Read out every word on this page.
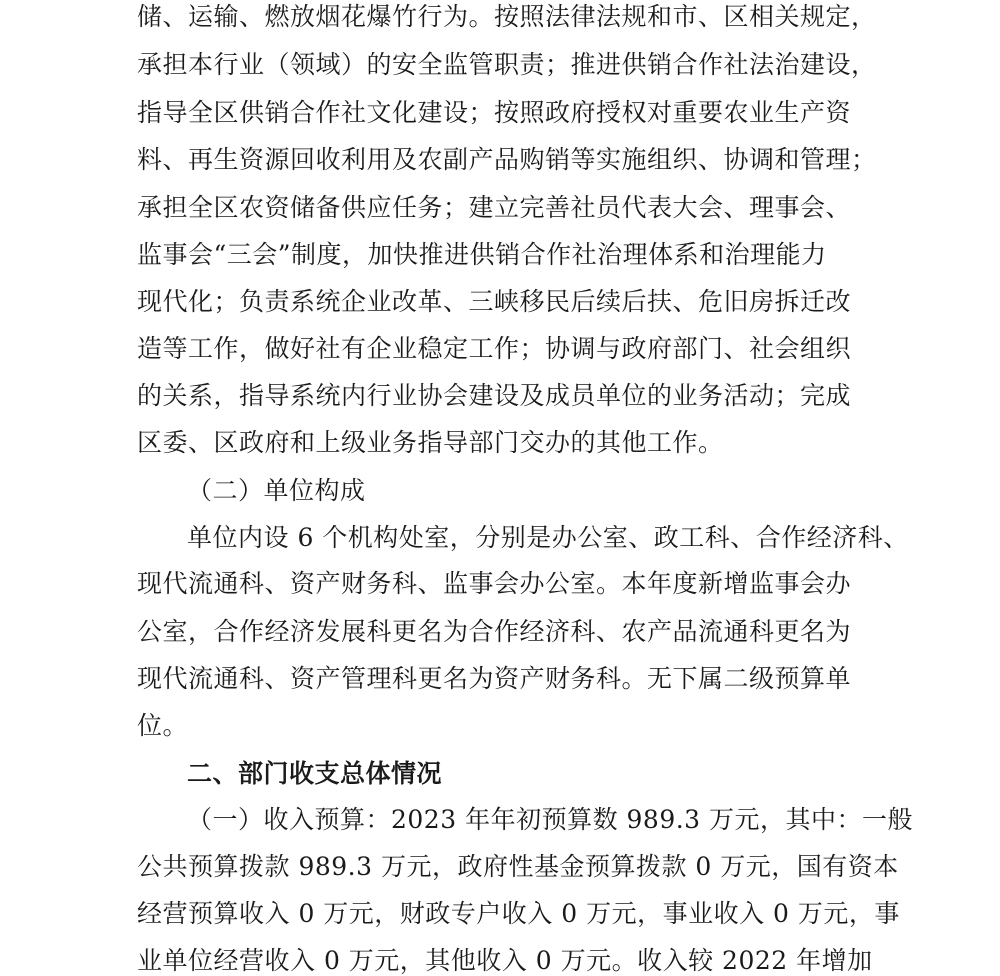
储、运输、燃放烟花爆竹行为。按照法律法规和市、区相关规定，
承担本行业（领域）的安全监管职责；推进供销合作社法治建设，
指导全区供销合作社文化建设；按照政府授权对重要农业生产资
料、再生资源回收利用及农副产品购销等实施组织、协调和管理；
承担全区农资储备供应任务；建立完善社员代表大会、理事会、
监事会“三会”制度，加快推进供销合作社治理体系和治理能力
现代化；负责系统企业改革、三峡移民后续后扶、危旧房拆迁改
造等工作，做好社有企业稳定工作；协调与政府部门、社会组织
的关系，指导系统内行业协会建设及成员单位的业务活动；完成
区委、区政府和上级业务指导部门交办的其他工作。
（二）单位构成
单位内设 6 个机构处室，分别是办公室、政工科、合作经济科、
现代流通科、资产财务科、监事会办公室。本年度新增监事会办
公室，合作经济发展科更名为合作经济科、农产品流通科更名为
现代流通科、资产管理科更名为资产财务科。无下属二级预算单
位。
二、部门收支总体情况
（一）收入预算：2023 年年初预算数 989.3 万元，其中：一般
公共预算拨款 989.3 万元，政府性基金预算拨款 0 万元，国有资本
经营预算收入 0 万元，财政专户收入 0 万元，事业收入 0 万元，事
业单位经营收入 0 万元，其他收入 0 万元。收入较 2022 年增加
